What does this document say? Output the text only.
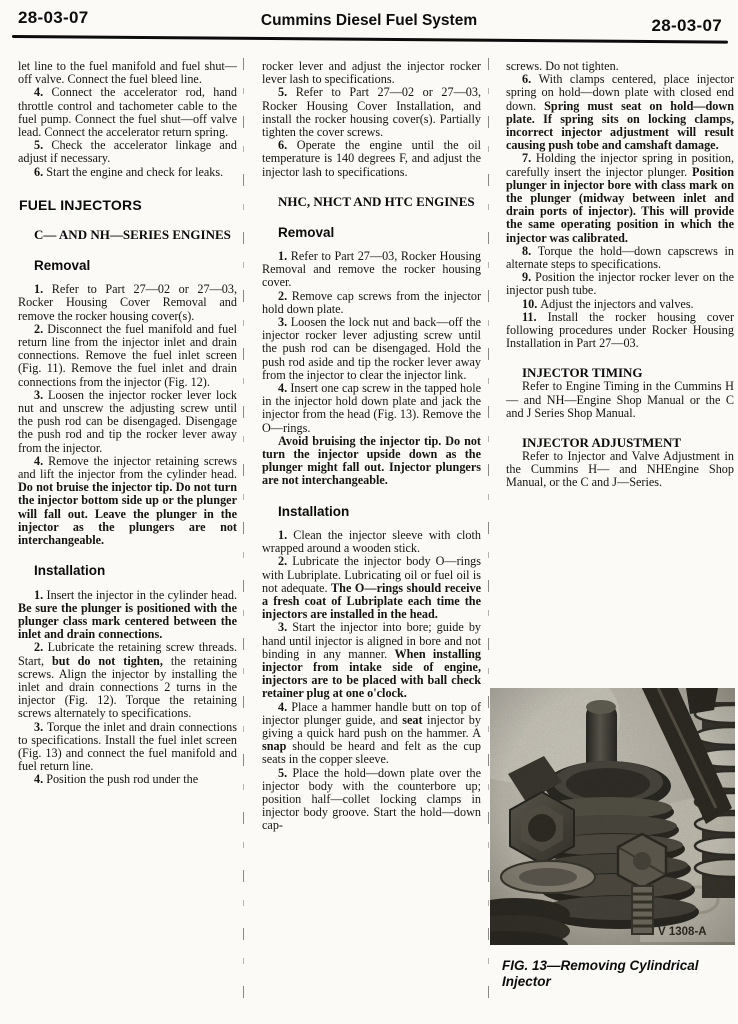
28-03-07	Cummins Diesel Fuel System	28-03-07

let line to the fuel manifold and fuel shut—off valve. Connect the fuel bleed line.

4. Connect the accelerator rod, hand throttle control and tachometer cable to the fuel pump. Connect the fuel shut—off valve lead. Connect the accelerator return spring.

5. Check the accelerator linkage and adjust if necessary.

6. Start the engine and check for leaks.

FUEL INJECTORS
C— AND NH—SERIES ENGINES
Removal

1. Refer to Part 27—02 or 27—03, Rocker Housing Cover Removal and remove the rocker housing cover(s).

2. Disconnect the fuel manifold and fuel return line from the injector inlet and drain connections. Remove the fuel inlet screen (Fig. 11). Remove the fuel inlet and drain connections from the injector (Fig. 12).

3. Loosen the injector rocker lever lock nut and unscrew the adjusting screw until the push rod can be disengaged. Disengage the push rod and tip the rocker lever away from the injector.

4. Remove the injector retaining screws and lift the injector from the cylinder head. Do not bruise the injector tip. Do not turn the injector bottom side up or the plunger will fall out. Leave the plunger in the injector as the plungers are not interchangeable.

Installation

1. Insert the injector in the cylinder head. Be sure the plunger is positioned with the plunger class mark centered between the inlet and drain connections.

2. Lubricate the retaining screw threads. Start, but do not tighten, the retaining screws. Align the injector by installing the inlet and drain connections 2 turns in the injector (Fig. 12). Torque the retaining screws alternately to specifications.

3. Torque the inlet and drain connections to specifications. Install the fuel inlet screen (Fig. 13) and connect the fuel manifold and fuel return line.

4. Position the push rod under the

rocker lever and adjust the injector rocker lever lash to specifications.

5. Refer to Part 27—02 or 27—03, Rocker Housing Cover Installation, and install the rocker housing cover(s). Partially tighten the cover screws.

6. Operate the engine until the oil temperature is 140 degrees F, and adjust the injector lash to specifications.

NHC, NHCT AND HTC ENGINES
Removal

1. Refer to Part 27—03, Rocker Housing Removal and remove the rocker housing cover.

2. Remove cap screws from the injector hold down plate.

3. Loosen the lock nut and back—off the injector rocker lever adjusting screw until the push rod can be disengaged. Hold the push rod aside and tip the rocker lever away from the injector to clear the injector link.

4. Insert one cap screw in the tapped hole in the injector hold down plate and jack the injector from the head (Fig. 13). Remove the O—rings.

Avoid bruising the injector tip. Do not turn the injector upside down as the plunger might fall out. Injector plungers are not interchangeable.

Installation

1. Clean the injector sleeve with cloth wrapped around a wooden stick.

2. Lubricate the injector body O—rings with Lubriplate. Lubricating oil or fuel oil is not adequate. The O—rings should receive a fresh coat of Lubriplate each time the injectors are installed in the head.

3. Start the injector into bore; guide by hand until injector is aligned in bore and not binding in any manner. When installing injector from intake side of engine, injectors are to be placed with ball check retainer plug at one o'clock.

4. Place a hammer handle butt on top of injector plunger guide, and seat injector by giving a quick hard push on the hammer. A snap should be heard and felt as the cup seats in the copper sleeve.

5. Place the hold—down plate over the injector body with the counterbore up; position half—collet locking clamps in injector body groove. Start the hold—down cap-

screws. Do not tighten.

6. With clamps centered, place injector spring on hold—down plate with closed end down. Spring must seat on hold—down plate. If spring sits on locking clamps, incorrect injector adjustment will result causing push tobe and camshaft damage.

7. Holding the injector spring in position, carefully insert the injector plunger. Position plunger in injector bore with class mark on the plunger (midway between inlet and drain ports of injector). This will provide the same operating position in which the injector was calibrated.

8. Torque the hold—down capscrews in alternate steps to specifications.

9. Position the injector rocker lever on the injector push tube.

10. Adjust the injectors and valves.

11. Install the rocker housing cover following procedures under Rocker Housing Installation in Part 27—03.

INJECTOR TIMING

Refer to Engine Timing in the Cummins H— and NH—Engine Shop Manual or the C and J Series Shop Manual.

INJECTOR ADJUSTMENT

Refer to Injector and Valve Adjustment in the Cummins H— and NHEngine Shop Manual, or the C and J—Series.

FIG. 13—Removing Cylindrical Injector
